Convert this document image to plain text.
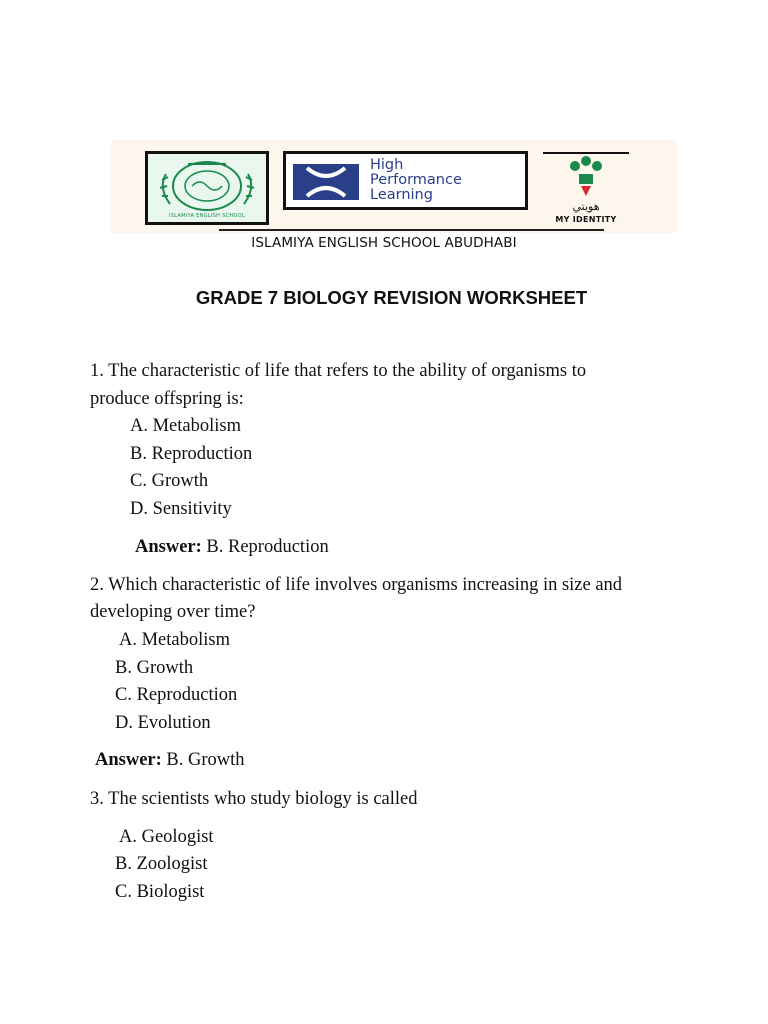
ISLAMIYA ENGLISH SCHOOL
High
Performance
Learning
هويتي
MY IDENTITY
ISLAMIYA ENGLISH SCHOOL ABUDHABI
GRADE 7 BIOLOGY REVISION WORKSHEET
1. The characteristic of life that refers to the ability of organisms to
produce offspring is:
A. Metabolism
B. Reproduction
C. Growth
D. Sensitivity
Answer: B. Reproduction
2. Which characteristic of life involves organisms increasing in size and
developing over time?
A. Metabolism
B. Growth
C. Reproduction
D. Evolution
Answer: B. Growth
3. The scientists who study biology is called
A. Geologist
B. Zoologist
C. Biologist
